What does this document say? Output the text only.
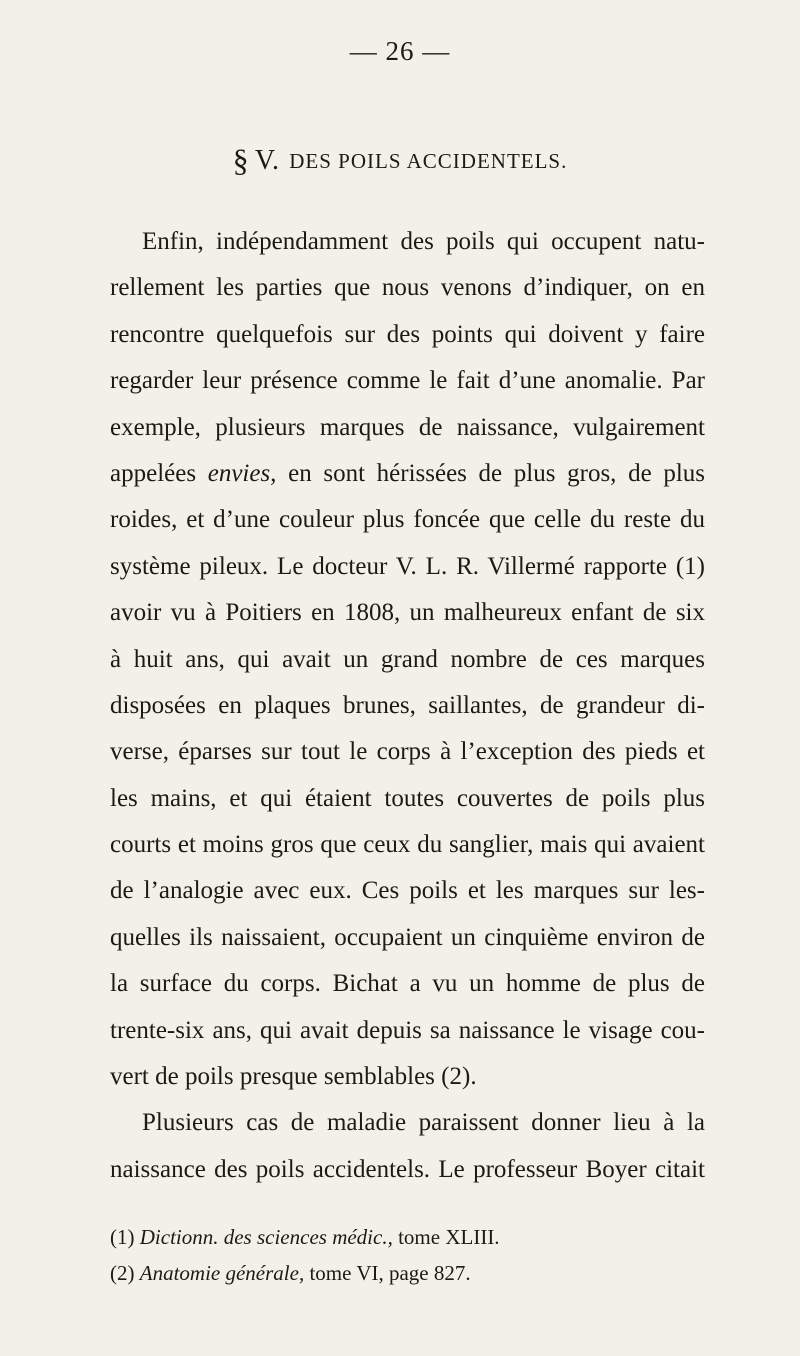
— 26 —
§ V. DES POILS ACCIDENTELS.
Enfin, indépendamment des poils qui occupent natu-
rellement les parties que nous venons d’indiquer, on en
rencontre quelquefois sur des points qui doivent y faire
regarder leur présence comme le fait d’une anomalie. Par
exemple, plusieurs marques de naissance, vulgairement
appelées envies, en sont hérissées de plus gros, de plus
roides, et d’une couleur plus foncée que celle du reste du
système pileux. Le docteur V. L. R. Villermé rapporte (1)
avoir vu à Poitiers en 1808, un malheureux enfant de six
à huit ans, qui avait un grand nombre de ces marques
disposées en plaques brunes, saillantes, de grandeur di-
verse, éparses sur tout le corps à l’exception des pieds et
les mains, et qui étaient toutes couvertes de poils plus
courts et moins gros que ceux du sanglier, mais qui avaient
de l’analogie avec eux. Ces poils et les marques sur les-
quelles ils naissaient, occupaient un cinquième environ de
la surface du corps. Bichat a vu un homme de plus de
trente-six ans, qui avait depuis sa naissance le visage cou-
vert de poils presque semblables (2).
Plusieurs cas de maladie paraissent donner lieu à la
naissance des poils accidentels. Le professeur Boyer citait
(1) Dictionn. des sciences médic., tome XLIII.
(2) Anatomie générale, tome VI, page 827.
